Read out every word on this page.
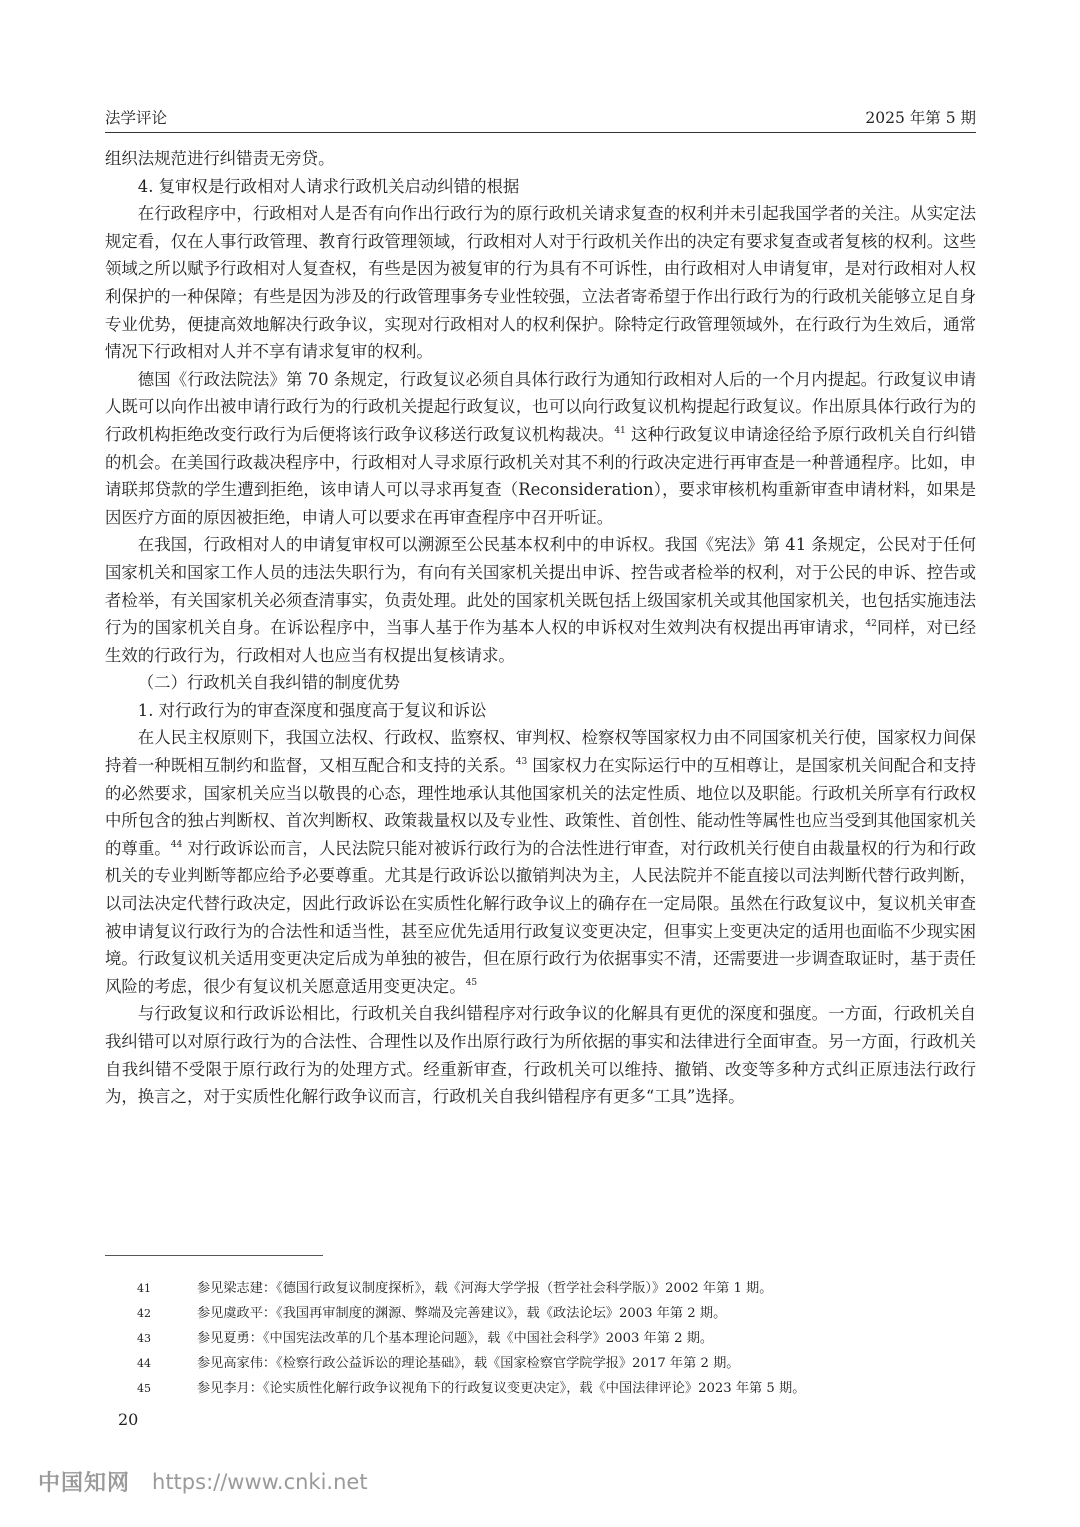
法学评论	2025 年第 5 期

组织法规范进行纠错责无旁贷。

4. 复审权是行政相对人请求行政机关启动纠错的根据

在行政程序中，行政相对人是否有向作出行政行为的原行政机关请求复查的权利并未引起我国学者的关注。从实定法规定看，仅在人事行政管理、教育行政管理领域，行政相对人对于行政机关作出的决定有要求复查或者复核的权利。这些领域之所以赋予行政相对人复查权，有些是因为被复审的行为具有不可诉性，由行政相对人申请复审，是对行政相对人权利保护的一种保障；有些是因为涉及的行政管理事务专业性较强，立法者寄希望于作出行政行为的行政机关能够立足自身专业优势，便捷高效地解决行政争议，实现对行政相对人的权利保护。除特定行政管理领域外，在行政行为生效后，通常情况下行政相对人并不享有请求复审的权利。

德国《行政法院法》第 70 条规定，行政复议必须自具体行政行为通知行政相对人后的一个月内提起。行政复议申请人既可以向作出被申请行政行为的行政机关提起行政复议，也可以向行政复议机构提起行政复议。作出原具体行政行为的行政机构拒绝改变行政行为后便将该行政争议移送行政复议机构裁决。$^{41}$ 这种行政复议申请途径给予原行政机关自行纠错的机会。在美国行政裁决程序中，行政相对人寻求原行政机关对其不利的行政决定进行再审查是一种普通程序。比如，申请联邦贷款的学生遭到拒绝，该申请人可以寻求再复查（Reconsideration），要求审核机构重新审查申请材料，如果是因医疗方面的原因被拒绝，申请人可以要求在再审查程序中召开听证。

在我国，行政相对人的申请复审权可以溯源至公民基本权利中的申诉权。我国《宪法》第 41 条规定，公民对于任何国家机关和国家工作人员的违法失职行为，有向有关国家机关提出申诉、控告或者检举的权利，对于公民的申诉、控告或者检举，有关国家机关必须查清事实，负责处理。此处的国家机关既包括上级国家机关或其他国家机关，也包括实施违法行为的国家机关自身。在诉讼程序中，当事人基于作为基本人权的申诉权对生效判决有权提出再审请求，$^{42}$同样，对已经生效的行政行为，行政相对人也应当有权提出复核请求。

（二）行政机关自我纠错的制度优势

1. 对行政行为的审查深度和强度高于复议和诉讼

在人民主权原则下，我国立法权、行政权、监察权、审判权、检察权等国家权力由不同国家机关行使，国家权力间保持着一种既相互制约和监督，又相互配合和支持的关系。$^{43}$ 国家权力在实际运行中的互相尊让，是国家机关间配合和支持的必然要求，国家机关应当以敬畏的心态，理性地承认其他国家机关的法定性质、地位以及职能。行政机关所享有行政权中所包含的独占判断权、首次判断权、政策裁量权以及专业性、政策性、首创性、能动性等属性也应当受到其他国家机关的尊重。$^{44}$ 对行政诉讼而言，人民法院只能对被诉行政行为的合法性进行审查，对行政机关行使自由裁量权的行为和行政机关的专业判断等都应给予必要尊重。尤其是行政诉讼以撤销判决为主，人民法院并不能直接以司法判断代替行政判断，以司法决定代替行政决定，因此行政诉讼在实质性化解行政争议上的确存在一定局限。虽然在行政复议中，复议机关审查被申请复议行政行为的合法性和适当性，甚至应优先适用行政复议变更决定，但事实上变更决定的适用也面临不少现实困境。行政复议机关适用变更决定后成为单独的被告，但在原行政行为依据事实不清，还需要进一步调查取证时，基于责任风险的考虑，很少有复议机关愿意适用变更决定。$^{45}$

与行政复议和行政诉讼相比，行政机关自我纠错程序对行政争议的化解具有更优的深度和强度。一方面，行政机关自我纠错可以对原行政行为的合法性、合理性以及作出原行政行为所依据的事实和法律进行全面审查。另一方面，行政机关自我纠错不受限于原行政行为的处理方式。经重新审查，行政机关可以维持、撤销、改变等多种方式纠正原违法行政行为，换言之，对于实质性化解行政争议而言，行政机关自我纠错程序有更多“工具”选择。

41	参见梁志建：《德国行政复议制度探析》，载《河海大学学报（哲学社会科学版）》2002 年第 1 期。
42	参见虞政平：《我国再审制度的渊源、弊端及完善建议》，载《政法论坛》2003 年第 2 期。
43	参见夏勇：《中国宪法改革的几个基本理论问题》，载《中国社会科学》2003 年第 2 期。
44	参见高家伟：《检察行政公益诉讼的理论基础》，载《国家检察官学院学报》2017 年第 2 期。
45	参见李月：《论实质性化解行政争议视角下的行政复议变更决定》，载《中国法律评论》2023 年第 5 期。
20
中国知网 https://www.cnki.net
